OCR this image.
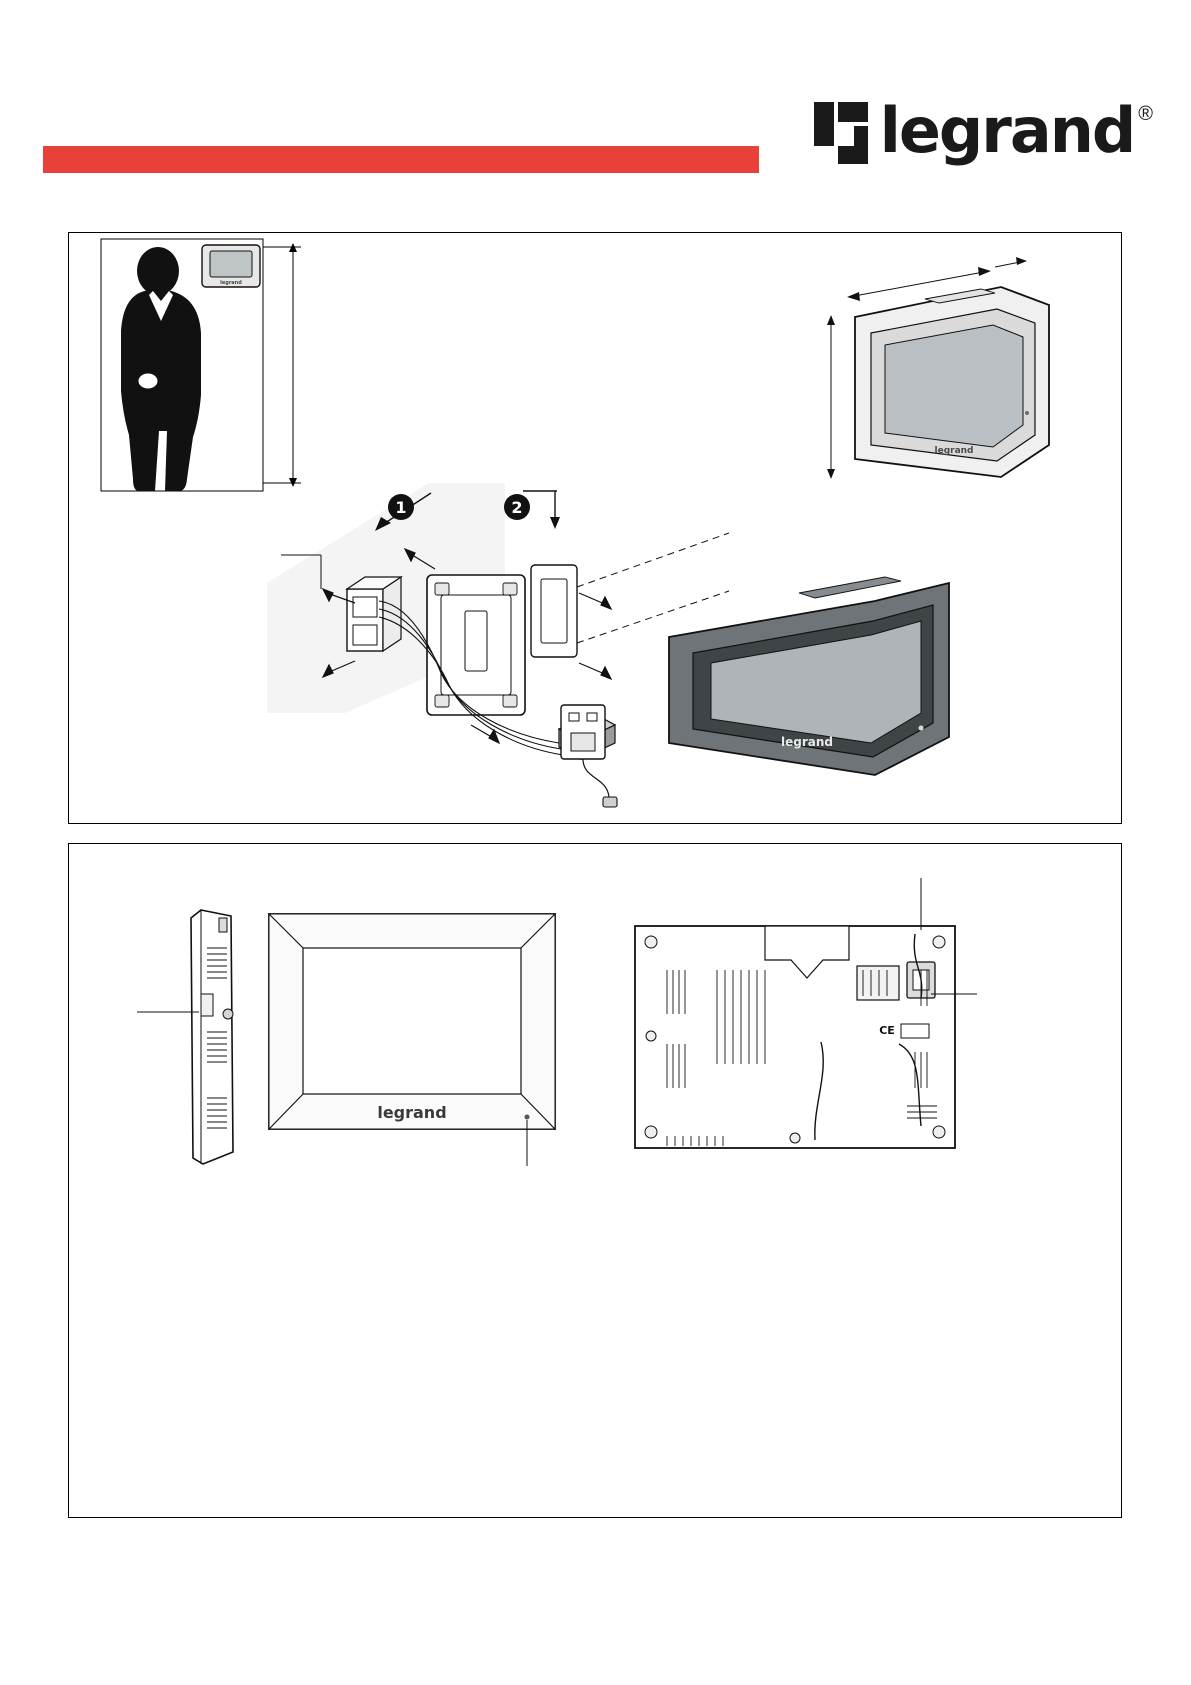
legrand ®
legrand
1	2
legrand
legrand
legrand
CE
